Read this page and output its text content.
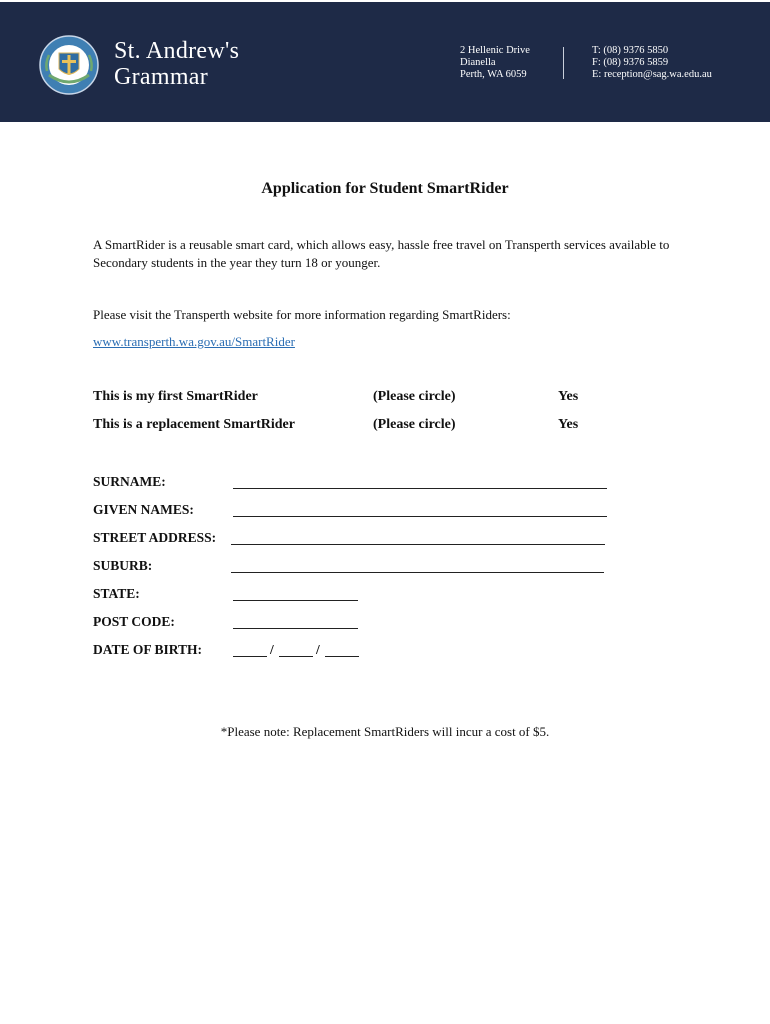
St. Andrew's
Grammar
2 Hellenic Drive
Dianella
Perth, WA 6059
T: (08) 9376 5850
F: (08) 9376 5859
E: reception@sag.wa.edu.au
Application for Student SmartRider
A SmartRider is a reusable smart card, which allows easy, hassle free travel on Transperth services available to Secondary students in the year they turn 18 or younger.
Please visit the Transperth website for more information regarding SmartRiders:
www.transperth.wa.gov.au/SmartRider
This is my first SmartRider	(Please circle)	Yes
This is a replacement SmartRider	(Please circle)	Yes
SURNAME:
GIVEN NAMES:
STREET ADDRESS:
SUBURB:
STATE:
POST CODE:
DATE OF BIRTH:	/	/
*Please note: Replacement SmartRiders will incur a cost of $5.
